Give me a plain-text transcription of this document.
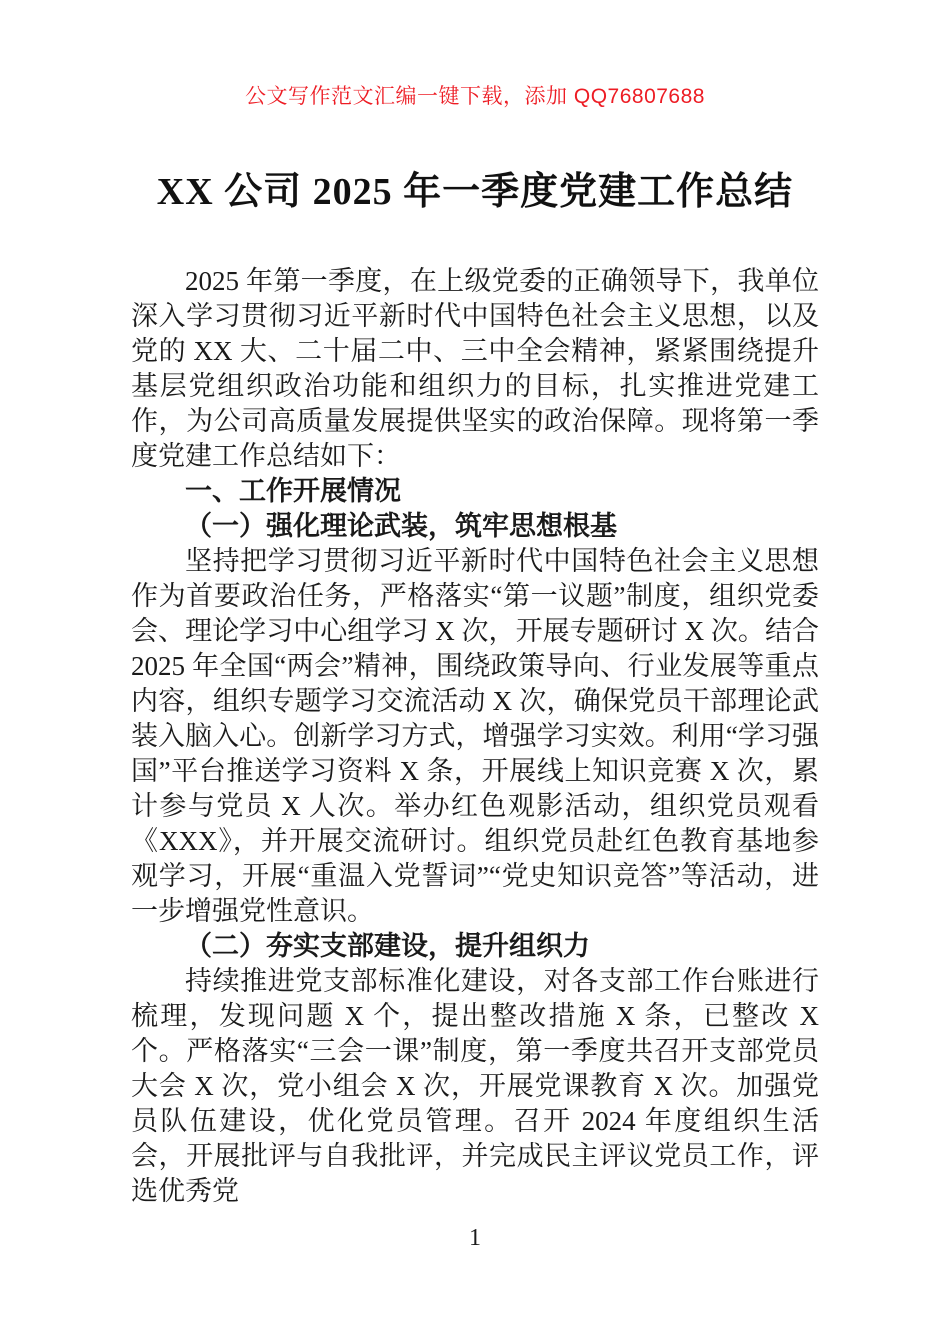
公文写作范文汇编一键下载，添加 QQ76807688
XX 公司 2025 年一季度党建工作总结

2025 年第一季度，在上级党委的正确领导下，我单位深入学习贯彻习近平新时代中国特色社会主义思想，以及党的 XX 大、二十届二中、三中全会精神，紧紧围绕提升基层党组织政治功能和组织力的目标，扎实推进党建工作，为公司高质量发展提供坚实的政治保障。现将第一季度党建工作总结如下：

一、工作开展情况

（一）强化理论武装，筑牢思想根基

坚持把学习贯彻习近平新时代中国特色社会主义思想作为首要政治任务，严格落实“第一议题”制度，组织党委会、理论学习中心组学习 X 次，开展专题研讨 X 次。结合 2025 年全国“两会”精神，围绕政策导向、行业发展等重点内容，组织专题学习交流活动 X 次，确保党员干部理论武装入脑入心。创新学习方式，增强学习实效。利用“学习强国”平台推送学习资料 X 条，开展线上知识竞赛 X 次，累计参与党员 X 人次。举办红色观影活动，组织党员观看《XXX》，并开展交流研讨。组织党员赴红色教育基地参观学习，开展“重温入党誓词”“党史知识竞答”等活动，进一步增强党性意识。

（二）夯实支部建设，提升组织力

持续推进党支部标准化建设，对各支部工作台账进行梳理，发现问题 X 个，提出整改措施 X 条，已整改 X 个。严格落实“三会一课”制度，第一季度共召开支部党员大会 X 次，党小组会 X 次，开展党课教育 X 次。加强党员队伍建设，优化党员管理。召开 2024 年度组织生活会，开展批评与自我批评，并完成民主评议党员工作，评选优秀党

1
